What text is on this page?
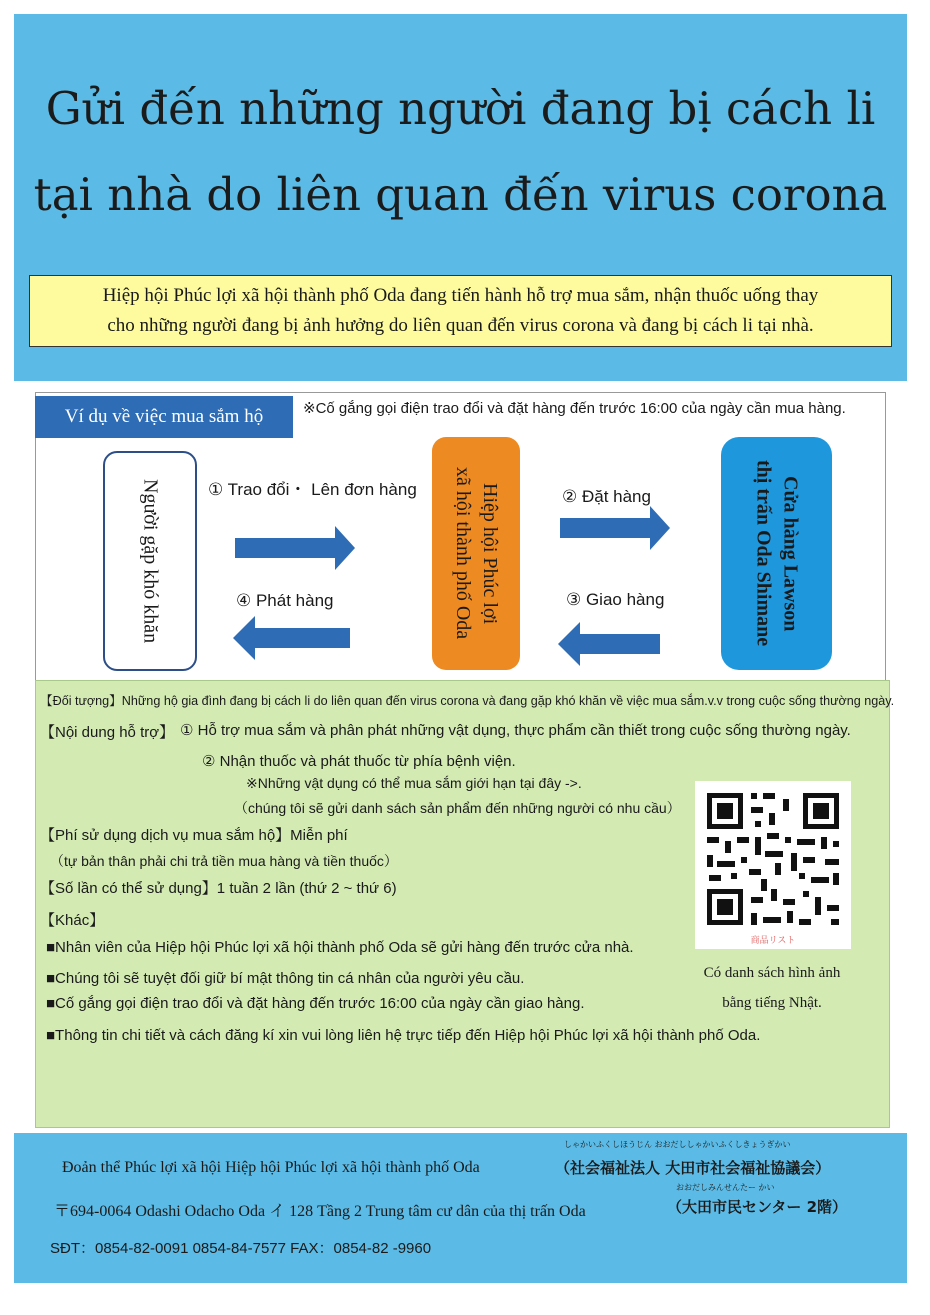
Gửi đến những người đang bị cách li
tại nhà do liên quan đến virus corona
Hiệp hội Phúc lợi xã hội thành phố Oda đang tiến hành hỗ trợ mua sắm, nhận thuốc uống thay
cho những người đang bị ảnh hưởng do liên quan đến virus corona và đang bị cách li tại nhà.
Ví dụ về việc mua sắm hộ	※Cố gắng gọi điện trao đổi và đặt hàng đến trước 16:00 của ngày cần mua hàng.
Người gặp khó khăn	Hiệp hội Phúc lợi
xã hội thành phố Oda	Cửa hàng Lawson
thị trấn Oda Shimane
① Trao đổi・ Lên đơn hàng	② Đặt hàng
③ Giao hàng
④ Phát hàng
【Đối tượng】Những hộ gia đình đang bị cách li do liên quan đến virus corona và đang gặp khó khăn về việc mua sắm.v.v trong cuộc sống thường ngày.
【Nội dung hỗ trợ】 ① Hỗ trợ mua sắm và phân phát những vật dụng, thực phẩm cần thiết trong cuộc sống thường ngày.
② Nhận thuốc và phát thuốc từ phía bệnh viện.
※Những vật dụng có thể mua sắm giới hạn tại đây ->.
（chúng tôi sẽ gửi danh sách sản phẩm đến những người có nhu cầu）
【Phí sử dụng dịch vụ mua sắm hộ】Miễn phí
（tự bản thân phải chi trả tiền mua hàng và tiền thuốc）
【Số lần có thể sử dụng】1 tuần 2 lần (thứ 2 ~ thứ 6)
【Khác】
■Nhân viên của Hiệp hội Phúc lợi xã hội thành phố Oda sẽ gửi hàng đến trước cửa nhà.
■Chúng tôi sẽ tuyệt đối giữ bí mật thông tin cá nhân của người yêu cầu.
■Cố gắng gọi điện trao đổi và đặt hàng đến trước 16:00 của ngày cần giao hàng.
■Thông tin chi tiết và cách đăng kí xin vui lòng liên hệ trực tiếp đến Hiệp hội Phúc lợi xã hội thành phố Oda.
商品リスト
Có danh sách hình ảnh
bằng tiếng Nhật.
しゃかいふくしほうじん おおだししゃかいふくしきょうぎかい
Đoản thể Phúc lợi xã hội Hiệp hội Phúc lợi xã hội thành phố Oda	（社会福祉法人 大田市社会福祉協議会）
おおだしみんせんたー かい
〒694-0064 Odashi Odacho Oda イ 128 Tầng 2 Trung tâm cư dân của thị trấn Oda	（大田市民センター 2階）
SĐT：0854-82-0091 0854-84-7577 FAX：0854-82 -9960
